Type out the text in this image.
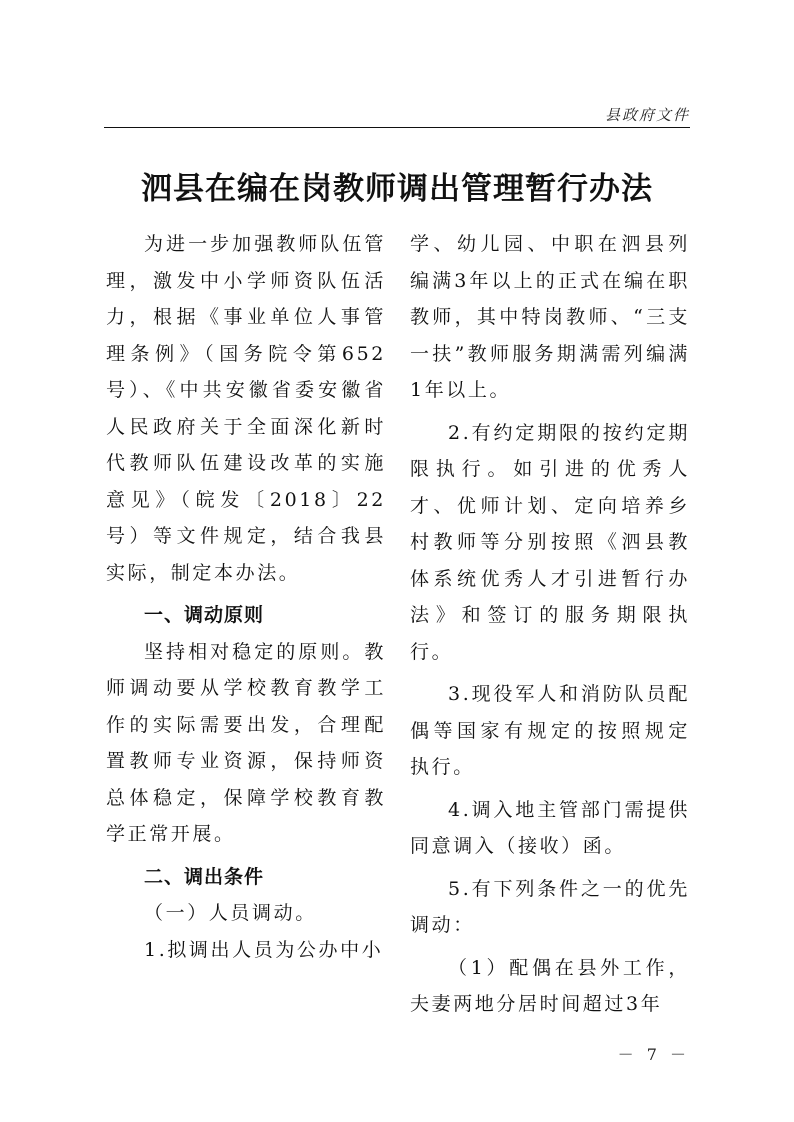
县政府文件
泗县在编在岗教师调出管理暂行办法

为进一步加强教师队伍管理，激发中小学师资队伍活力，根据《事业单位人事管理条例》（国务院令第652号）、《中共安徽省委安徽省人民政府关于全面深化新时代教师队伍建设改革的实施意见》（皖发〔2018〕22号）等文件规定，结合我县实际，制定本办法。

一、调动原则

坚持相对稳定的原则。教师调动要从学校教育教学工作的实际需要出发，合理配置教师专业资源，保持师资总体稳定，保障学校教育教学正常开展。

二、调出条件

（一）人员调动。

1.拟调出人员为公办中小

学、幼儿园、中职在泗县列编满3年以上的正式在编在职教师，其中特岗教师、“三支一扶”教师服务期满需列编满1年以上。

2.有约定期限的按约定期限执行。如引进的优秀人才、优师计划、定向培养乡村教师等分别按照《泗县教体系统优秀人才引进暂行办法》和签订的服务期限执行。

3.现役军人和消防队员配偶等国家有规定的按照规定执行。

4.调入地主管部门需提供同意调入（接收）函。

5.有下列条件之一的优先调动：

（1）配偶在县外工作，夫妻两地分居时间超过3年

－ 7 －
